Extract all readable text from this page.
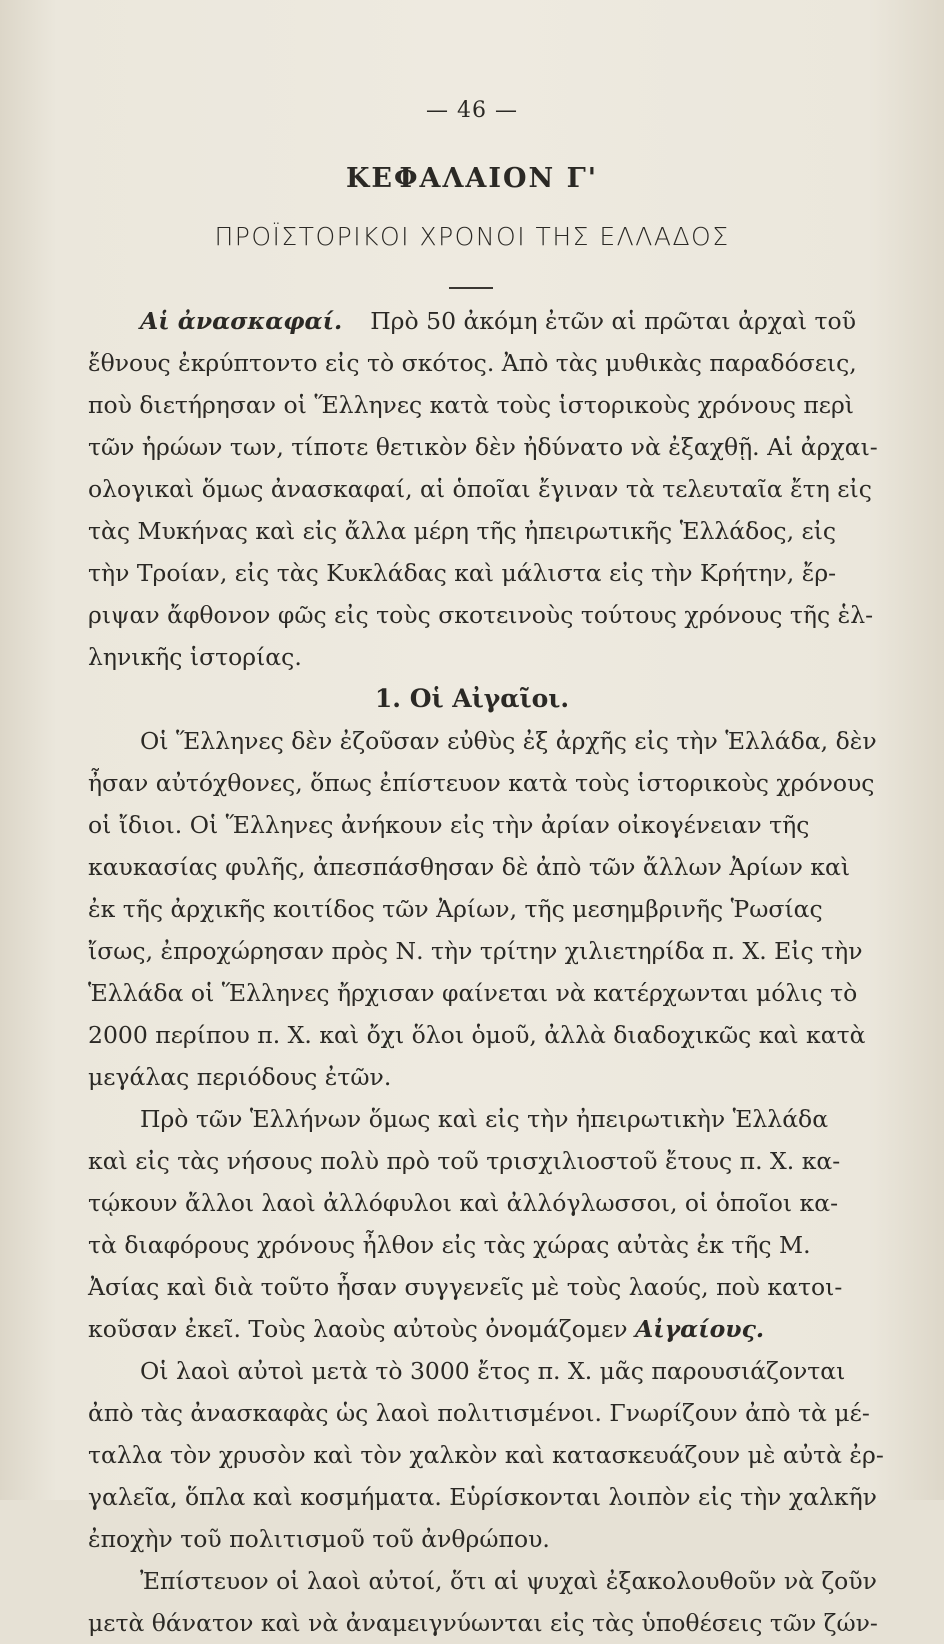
— 46 —
ΚΕΦΑΛΑΙΟΝ Γ'
ΠΡΟΪΣΤΟΡΙΚΟΙ ΧΡΟΝΟΙ ΤΗΣ ΕΛΛΑΔΟΣ
Αἱ ἀνασκαφαί. Πρὸ 50 ἀκόμη ἐτῶν αἱ πρῶται ἀρχαὶ τοῦ
ἔθνους ἐκρύπτοντο εἰς τὸ σκότος. Ἀπὸ τὰς μυθικὰς παραδόσεις,
ποὺ διετήρησαν οἱ Ἕλληνες κατὰ τοὺς ἱστορικοὺς χρόνους περὶ
τῶν ἡρώων των, τίποτε θετικὸν δὲν ἠδύνατο νὰ ἐξαχθῇ. Αἱ ἀρχαι-
ολογικαὶ ὅμως ἀνασκαφαί, αἱ ὁποῖαι ἔγιναν τὰ τελευταῖα ἔτη εἰς
τὰς Μυκήνας καὶ εἰς ἄλλα μέρη τῆς ἠπειρωτικῆς Ἑλλάδος, εἰς
τὴν Τροίαν, εἰς τὰς Κυκλάδας καὶ μάλιστα εἰς τὴν Κρήτην, ἔρ-
ριψαν ἄφθονον φῶς εἰς τοὺς σκοτεινοὺς τούτους χρόνους τῆς ἑλ-
ληνικῆς ἱστορίας.
1. Οἱ Αἰγαῖοι.
Οἱ Ἕλληνες δὲν ἐζοῦσαν εὐθὺς ἐξ ἀρχῆς εἰς τὴν Ἑλλάδα, δὲν
ἦσαν αὐτόχθονες, ὅπως ἐπίστευον κατὰ τοὺς ἱστορικοὺς χρόνους
οἱ ἴδιοι. Οἱ Ἕλληνες ἀνήκουν εἰς τὴν ἀρίαν οἰκογένειαν τῆς
καυκασίας φυλῆς, ἀπεσπάσθησαν δὲ ἀπὸ τῶν ἄλλων Ἀρίων καὶ
ἐκ τῆς ἀρχικῆς κοιτίδος τῶν Ἀρίων, τῆς μεσημβρινῆς Ῥωσίας
ἴσως, ἐπροχώρησαν πρὸς Ν. τὴν τρίτην χιλιετηρίδα π. Χ. Εἰς τὴν
Ἑλλάδα οἱ Ἕλληνες ἤρχισαν φαίνεται νὰ κατέρχωνται μόλις τὸ
2000 περίπου π. Χ. καὶ ὄχι ὅλοι ὁμοῦ, ἀλλὰ διαδοχικῶς καὶ κατὰ
μεγάλας περιόδους ἐτῶν.
Πρὸ τῶν Ἑλλήνων ὅμως καὶ εἰς τὴν ἠπειρωτικὴν Ἑλλάδα
καὶ εἰς τὰς νήσους πολὺ πρὸ τοῦ τρισχιλιοστοῦ ἔτους π. Χ. κα-
τῴκουν ἄλλοι λαοὶ ἀλλόφυλοι καὶ ἀλλόγλωσσοι, οἱ ὁποῖοι κα-
τὰ διαφόρους χρόνους ἦλθον εἰς τὰς χώρας αὐτὰς ἐκ τῆς Μ.
Ἀσίας καὶ διὰ τοῦτο ἦσαν συγγενεῖς μὲ τοὺς λαούς, ποὺ κατοι-
κοῦσαν ἐκεῖ. Τοὺς λαοὺς αὐτοὺς ὀνομάζομεν
Αἰγαίους.
Οἱ λαοὶ αὐτοὶ μετὰ τὸ 3000 ἔτος π. Χ. μᾶς παρουσιάζονται
ἀπὸ τὰς ἀνασκαφὰς ὡς λαοὶ πολιτισμένοι. Γνωρίζουν ἀπὸ τὰ μέ-
ταλλα τὸν χρυσὸν καὶ τὸν χαλκὸν καὶ κατασκευάζουν μὲ αὐτὰ ἐρ-
γαλεῖα, ὅπλα καὶ κοσμήματα. Εὑρίσκονται λοιπὸν εἰς τὴν χαλκῆν
ἐποχὴν τοῦ πολιτισμοῦ τοῦ ἀνθρώπου.
Ἐπίστευον οἱ λαοὶ αὐτοί, ὅτι αἱ ψυχαὶ ἐξακολουθοῦν νὰ ζοῦν
μετὰ θάνατον καὶ νὰ ἀναμειγνύωνται εἰς τὰς ὑποθέσεις τῶν ζών-
